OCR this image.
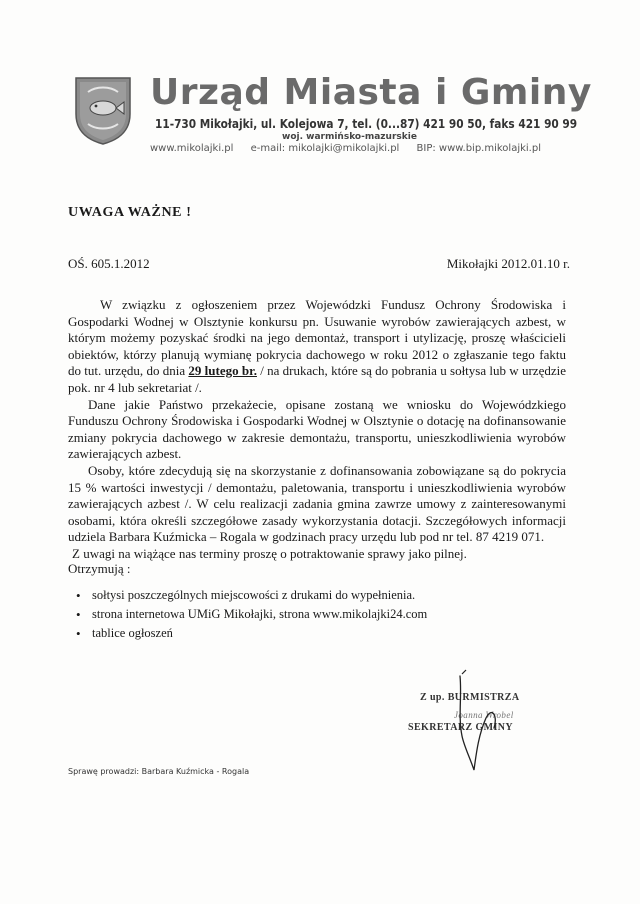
Urząd Miasta i Gminy
11-730 Mikołajki, ul. Kolejowa 7, tel. (0...87) 421 90 50, faks 421 90 99
woj. warmińsko-mazurskie
www.mikolajki.pl e-mail: mikolajki@mikolajki.pl BIP: www.bip.mikolajki.pl
UWAGA WAŻNE !
OŚ. 605.1.2012	Mikołajki 2012.01.10 r.

W związku z ogłoszeniem przez Wojewódzki Fundusz Ochrony Środowiska i Gospodarki Wodnej w Olsztynie konkursu pn. Usuwanie wyrobów zawierających azbest, w którym możemy pozyskać środki na jego demontaż, transport i utylizację, proszę właścicieli obiektów, którzy planują wymianę pokrycia dachowego w roku 2012 o zgłaszanie tego faktu do tut. urzędu, do dnia 29 lutego br. / na drukach, które są do pobrania u sołtysa lub w urzędzie pok. nr 4 lub sekretariat /.

Dane jakie Państwo przekażecie, opisane zostaną we wniosku do Wojewódzkiego Funduszu Ochrony Środowiska i Gospodarki Wodnej w Olsztynie o dotację na dofinansowanie zmiany pokrycia dachowego w zakresie demontażu, transportu, unieszkodliwienia wyrobów zawierających azbest.

Osoby, które zdecydują się na skorzystanie z dofinansowania zobowiązane są do pokrycia 15 % wartości inwestycji / demontażu, paletowania, transportu i unieszkodliwienia wyrobów zawierających azbest /. W celu realizacji zadania gmina zawrze umowy z zainteresowanymi osobami, która określi szczegółowe zasady wykorzystania dotacji. Szczegółowych informacji udziela Barbara Kuźmicka – Rogala w godzinach pracy urzędu lub pod nr tel. 87 4219 071.

Z uwagi na wiążące nas terminy proszę o potraktowanie sprawy jako pilnej.

Otrzymują :
• sołtysi poszczególnych miejscowości z drukami do wypełnienia.
• strona internetowa UMiG Mikołajki, strona www.mikolajki24.com
• tablice ogłoszeń
Z up. BURMISTRZA
Joanna Wrobel
SEKRETARZ GMINY
Sprawę prowadzi: Barbara Kuźmicka - Rogala
